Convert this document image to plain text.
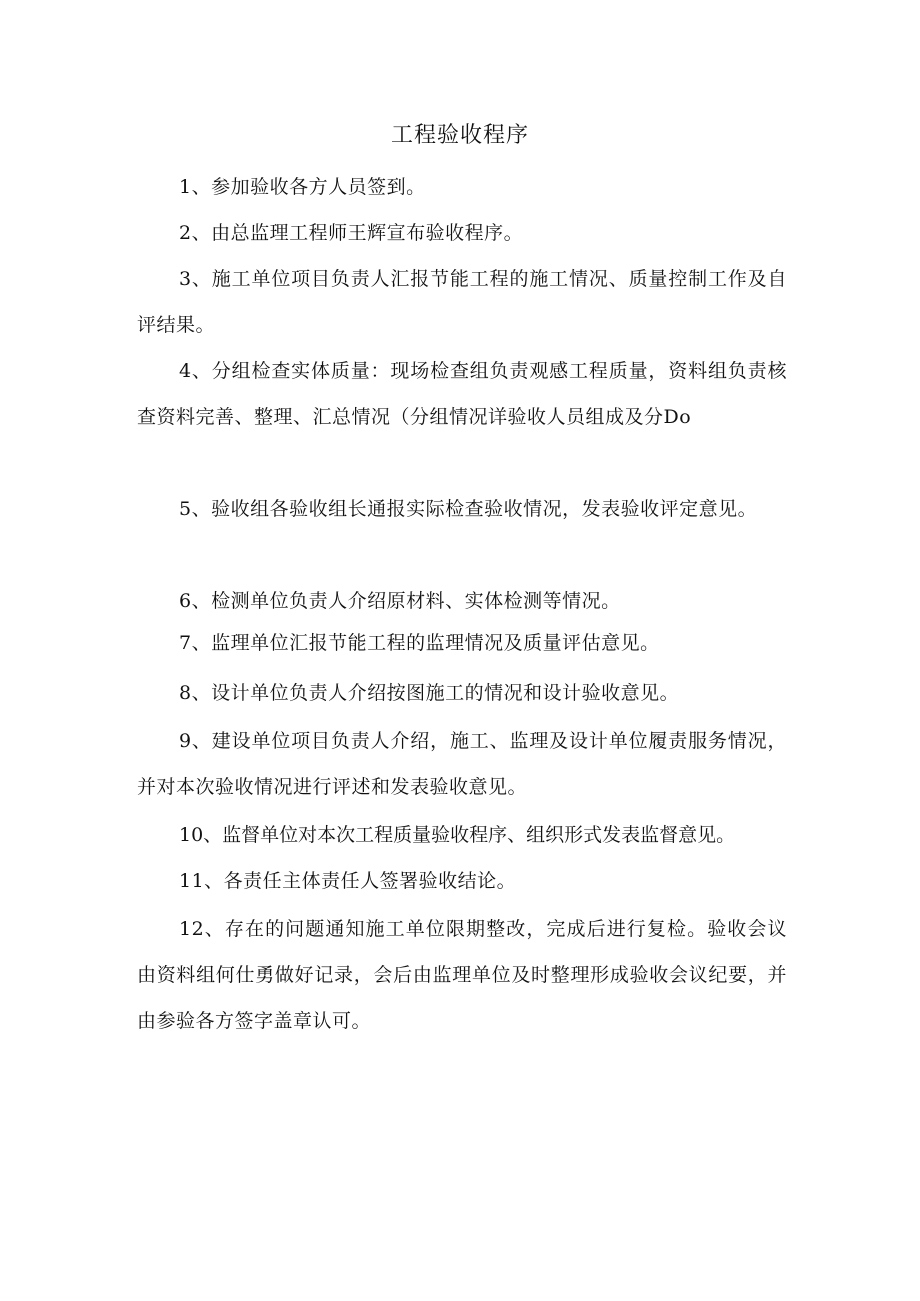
工程验收程序
1、参加验收各方人员签到。
2、由总监理工程师王辉宣布验收程序。
3、施工单位项目负责人汇报节能工程的施工情况、质量控制工作及自评结果。
4、分组检查实体质量：现场检查组负责观感工程质量，资料组负责核查资料完善、整理、汇总情况（分组情况详验收人员组成及分Do
5、验收组各验收组长通报实际检查验收情况，发表验收评定意见。
6、检测单位负责人介绍原材料、实体检测等情况。
7、监理单位汇报节能工程的监理情况及质量评估意见。
8、设计单位负责人介绍按图施工的情况和设计验收意见。
9、建设单位项目负责人介绍，施工、监理及设计单位履责服务情况，并对本次验收情况进行评述和发表验收意见。
10、监督单位对本次工程质量验收程序、组织形式发表监督意见。
11、各责任主体责任人签署验收结论。
12、存在的问题通知施工单位限期整改，完成后进行复检。验收会议由资料组何仕勇做好记录，会后由监理单位及时整理形成验收会议纪要，并由参验各方签字盖章认可。
